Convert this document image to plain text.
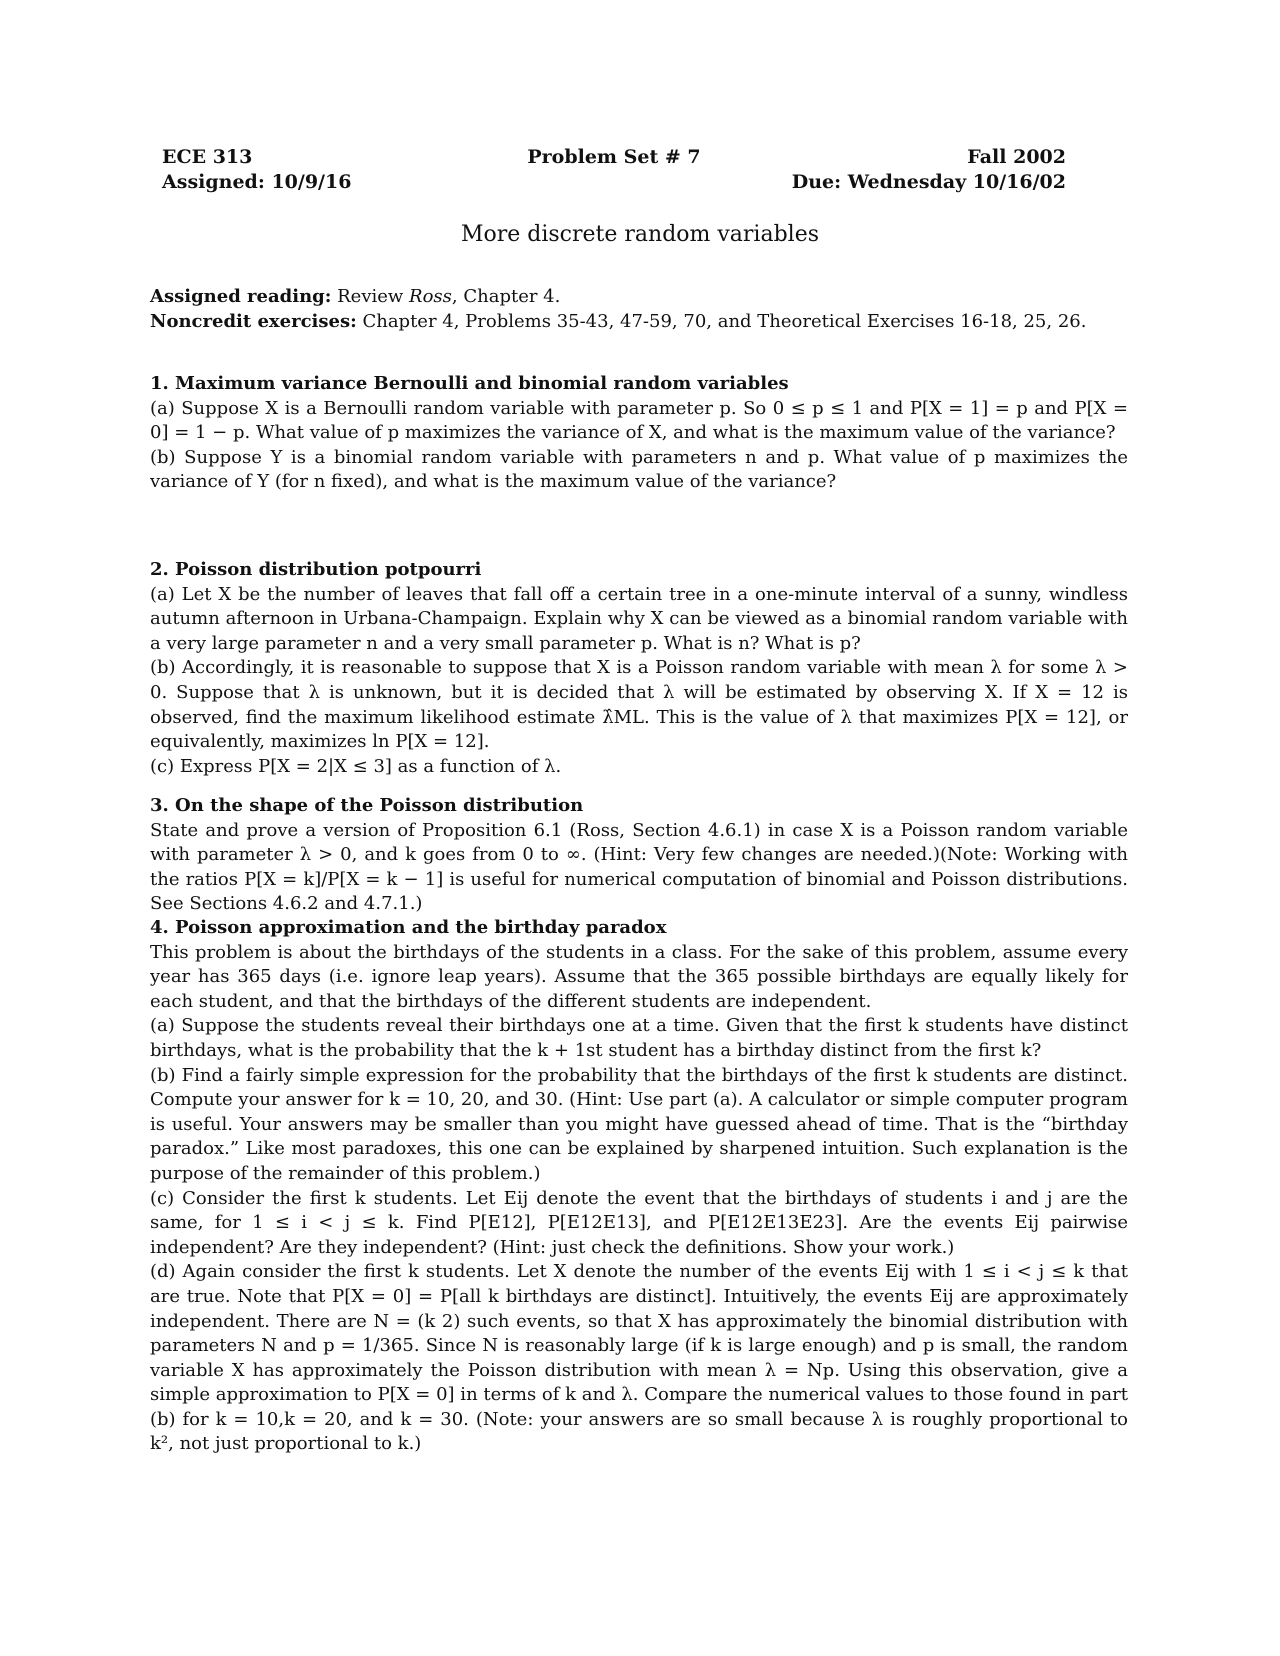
ECE 313
Assigned: 10/9/16
Problem Set # 7	Fall 2002
Due: Wednesday 10/16/02
More discrete random variables

Assigned reading: Review Ross, Chapter 4.

Noncredit exercises: Chapter 4, Problems 35-43, 47-59, 70, and Theoretical Exercises 16-18, 25, 26.

1. Maximum variance Bernoulli and binomial random variables

(a) Suppose X is a Bernoulli random variable with parameter p. So 0 ≤ p ≤ 1 and P[X = 1] = p and P[X = 0] = 1 − p. What value of p maximizes the variance of X, and what is the maximum value of the variance?

(b) Suppose Y is a binomial random variable with parameters n and p. What value of p maximizes the variance of Y (for n fixed), and what is the maximum value of the variance?

2. Poisson distribution potpourri

(a) Let X be the number of leaves that fall off a certain tree in a one-minute interval of a sunny, windless autumn afternoon in Urbana-Champaign. Explain why X can be viewed as a binomial random variable with a very large parameter n and a very small parameter p. What is n? What is p?

(b) Accordingly, it is reasonable to suppose that X is a Poisson random variable with mean λ for some λ > 0. Suppose that λ is unknown, but it is decided that λ will be estimated by observing X. If X = 12 is observed, find the maximum likelihood estimate λ̂ML. This is the value of λ that maximizes P[X = 12], or equivalently, maximizes ln P[X = 12].

(c) Express P[X = 2|X ≤ 3] as a function of λ.

3. On the shape of the Poisson distribution

State and prove a version of Proposition 6.1 (Ross, Section 4.6.1) in case X is a Poisson random variable with parameter λ > 0, and k goes from 0 to ∞. (Hint: Very few changes are needed.)(Note: Working with the ratios P[X = k]/P[X = k − 1] is useful for numerical computation of binomial and Poisson distributions. See Sections 4.6.2 and 4.7.1.)

4. Poisson approximation and the birthday paradox

This problem is about the birthdays of the students in a class. For the sake of this problem, assume every year has 365 days (i.e. ignore leap years). Assume that the 365 possible birthdays are equally likely for each student, and that the birthdays of the different students are independent.

(a) Suppose the students reveal their birthdays one at a time. Given that the first k students have distinct birthdays, what is the probability that the k + 1st student has a birthday distinct from the first k?

(b) Find a fairly simple expression for the probability that the birthdays of the first k students are distinct. Compute your answer for k = 10, 20, and 30. (Hint: Use part (a). A calculator or simple computer program is useful. Your answers may be smaller than you might have guessed ahead of time. That is the “birthday paradox.” Like most paradoxes, this one can be explained by sharpened intuition. Such explanation is the purpose of the remainder of this problem.)

(c) Consider the first k students. Let Eij denote the event that the birthdays of students i and j are the same, for 1 ≤ i < j ≤ k. Find P[E12], P[E12E13], and P[E12E13E23]. Are the events Eij pairwise independent? Are they independent? (Hint: just check the definitions. Show your work.)

(d) Again consider the first k students. Let X denote the number of the events Eij with 1 ≤ i < j ≤ k that are true. Note that P[X = 0] = P[all k birthdays are distinct]. Intuitively, the events Eij are approximately independent. There are N = (k 2) such events, so that X has approximately the binomial distribution with parameters N and p = 1/365. Since N is reasonably large (if k is large enough) and p is small, the random variable X has approximately the Poisson distribution with mean λ = Np. Using this observation, give a simple approximation to P[X = 0] in terms of k and λ. Compare the numerical values to those found in part (b) for k = 10,k = 20, and k = 30. (Note: your answers are so small because λ is roughly proportional to k², not just proportional to k.)
